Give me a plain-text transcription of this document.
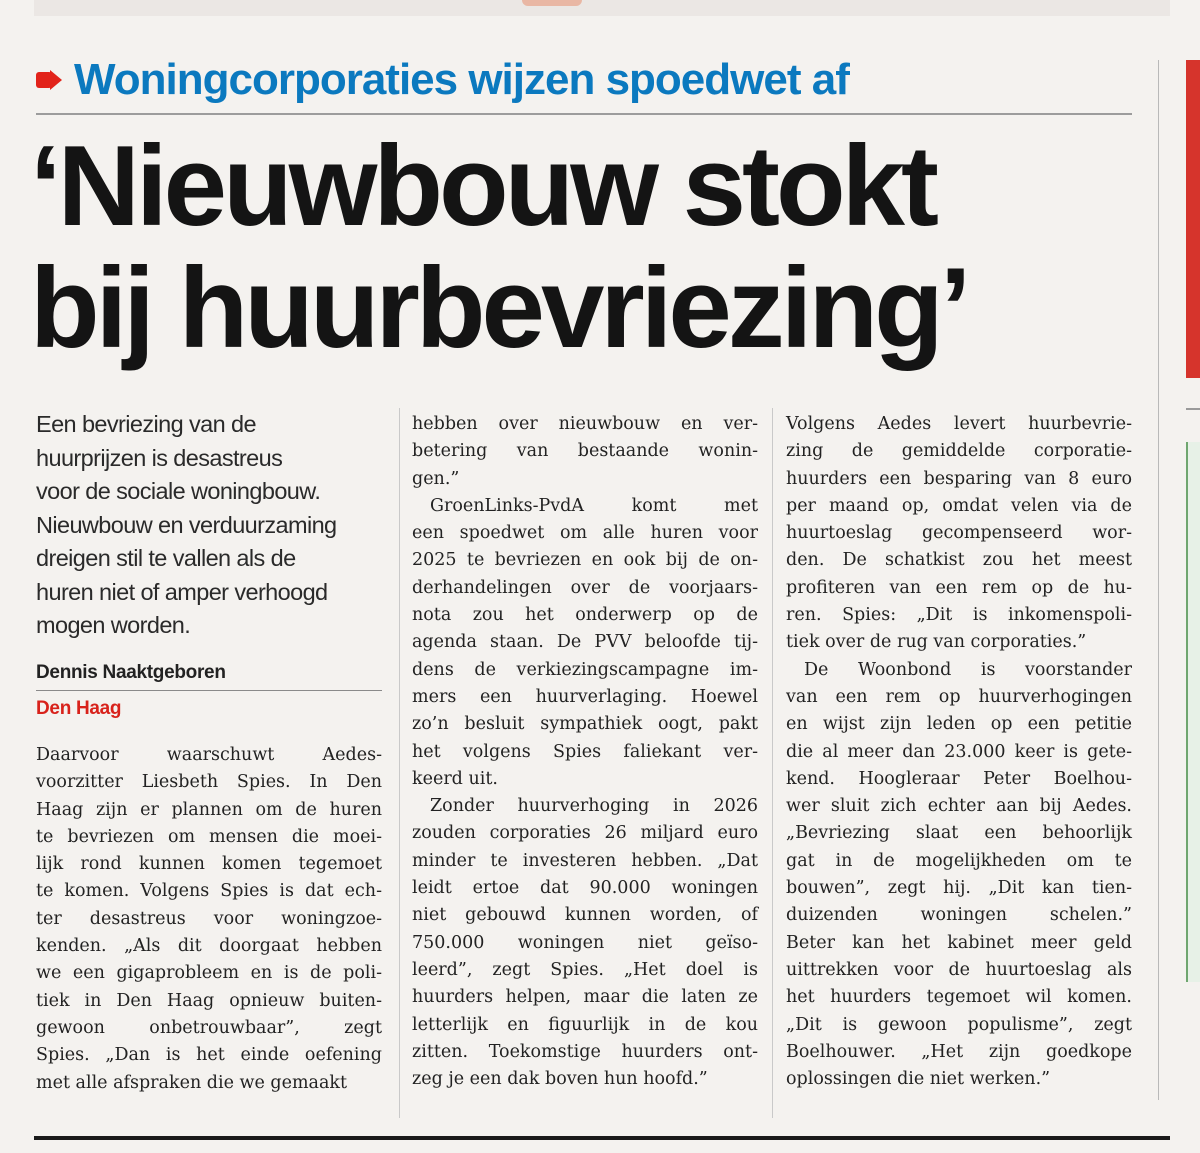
Woningcorporaties wijzen spoedwet af
‘Nieuwbouw stokt
bij huurbevriezing’
Een bevriezing van de
huurprijzen is desastreus
voor de sociale woningbouw.
Nieuwbouw en verduurzaming
dreigen stil te vallen als de
huren niet of amper verhoogd
mogen worden.
Dennis Naaktgeboren
Den Haag
Daarvoor waarschuwt Aedes-
voorzitter Liesbeth Spies. In Den
Haag zijn er plannen om de huren
te bevriezen om mensen die moei-
lijk rond kunnen komen tegemoet
te komen. Volgens Spies is dat ech-
ter desastreus voor woningzoe-
kenden. „Als dit doorgaat hebben
we een gigaprobleem en is de poli-
tiek in Den Haag opnieuw buiten-
gewoon onbetrouwbaar”, zegt
Spies. „Dan is het einde oefening
met alle afspraken die we gemaakt
hebben over nieuwbouw en ver-
betering van bestaande wonin-
gen.”
GroenLinks-PvdA komt met
een spoedwet om alle huren voor
2025 te bevriezen en ook bij de on-
derhandelingen over de voorjaars-
nota zou het onderwerp op de
agenda staan. De PVV beloofde tij-
dens de verkiezingscampagne im-
mers een huurverlaging. Hoewel
zo’n besluit sympathiek oogt, pakt
het volgens Spies faliekant ver-
keerd uit.
Zonder huurverhoging in 2026
zouden corporaties 26 miljard euro
minder te investeren hebben. „Dat
leidt ertoe dat 90.000 woningen
niet gebouwd kunnen worden, of
750.000 woningen niet geïso-
leerd”, zegt Spies. „Het doel is
huurders helpen, maar die laten ze
letterlijk en figuurlijk in de kou
zitten. Toekomstige huurders ont-
zeg je een dak boven hun hoofd.”
Volgens Aedes levert huurbevrie-
zing de gemiddelde corporatie-
huurders een besparing van 8 euro
per maand op, omdat velen via de
huurtoeslag gecompenseerd wor-
den. De schatkist zou het meest
profiteren van een rem op de hu-
ren. Spies: „Dit is inkomenspoli-
tiek over de rug van corporaties.”
De Woonbond is voorstander
van een rem op huurverhogingen
en wijst zijn leden op een petitie
die al meer dan 23.000 keer is gete-
kend. Hoogleraar Peter Boelhou-
wer sluit zich echter aan bij Aedes.
„Bevriezing slaat een behoorlijk
gat in de mogelijkheden om te
bouwen”, zegt hij. „Dit kan tien-
duizenden woningen schelen.”
Beter kan het kabinet meer geld
uittrekken voor de huurtoeslag als
het huurders tegemoet wil komen.
„Dit is gewoon populisme”, zegt
Boelhouwer. „Het zijn goedkope
oplossingen die niet werken.”
